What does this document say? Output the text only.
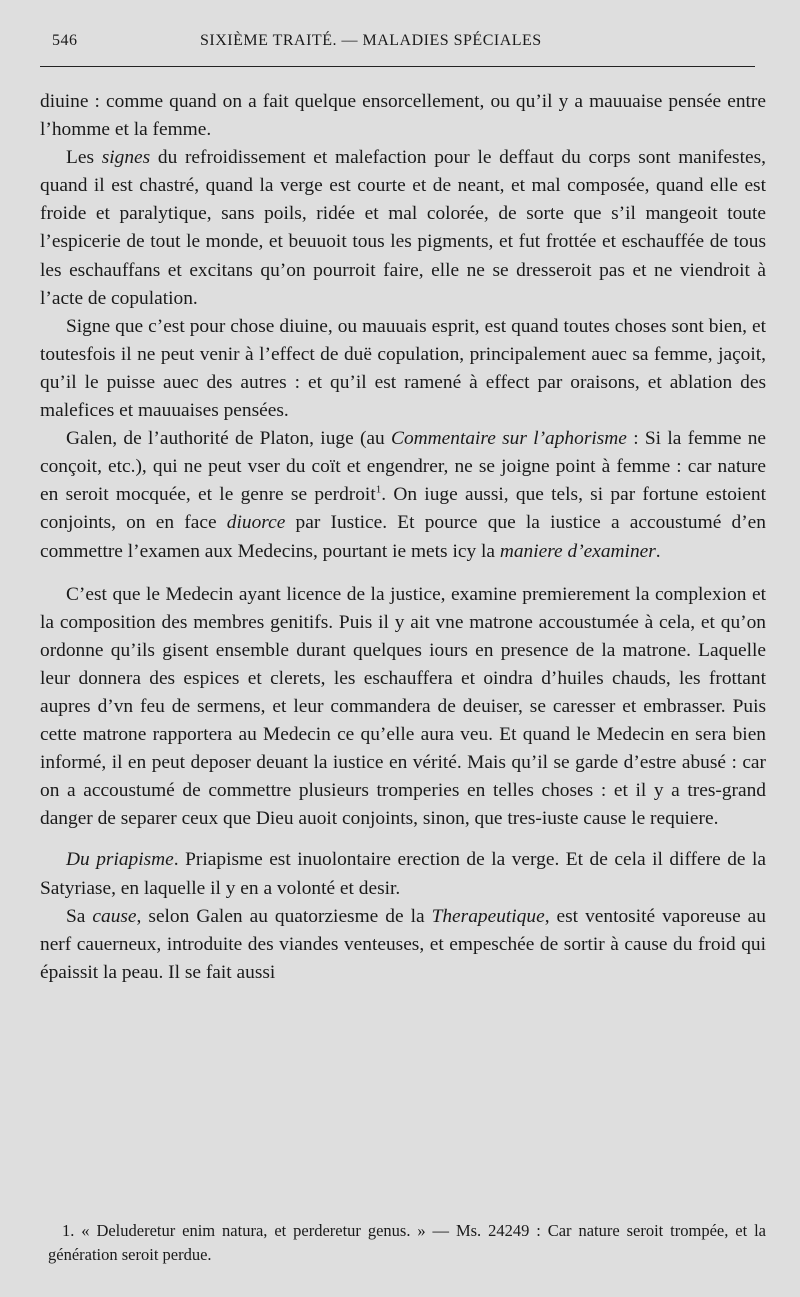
546	SIXIÈME TRAITÉ. — MALADIES SPÉCIALES

diuine : comme quand on a fait quelque ensorcellement, ou qu’il y a mauuaise pensée entre l’homme et la femme.

Les signes du refroidissement et malefaction pour le deffaut du corps sont manifestes, quand il est chastré, quand la verge est courte et de neant, et mal composée, quand elle est froide et paralytique, sans poils, ridée et mal colorée, de sorte que s’il mangeoit toute l’espicerie de tout le monde, et beuuoit tous les pigments, et fut frottée et eschauffée de tous les eschauffans et excitans qu’on pourroit faire, elle ne se dresseroit pas et ne viendroit à l’acte de copulation.

Signe que c’est pour chose diuine, ou mauuais esprit, est quand toutes choses sont bien, et toutesfois il ne peut venir à l’effect de duë copulation, principalement auec sa femme, jaçoit, qu’il le puisse auec des autres : et qu’il est ramené à effect par oraisons, et ablation des malefices et mauuaises pensées.

Galen, de l’authorité de Platon, iuge (au Commentaire sur l’aphorisme : Si la femme ne conçoit, etc.), qui ne peut vser du coït et engendrer, ne se joigne point à femme : car nature en seroit mocquée, et le genre se perdroit$^1$. On iuge aussi, que tels, si par fortune estoient conjoints, on en face diuorce par Iustice. Et pource que la iustice a accoustumé d’en commettre l’examen aux Medecins, pourtant ie mets icy la maniere d’examiner.

C’est que le Medecin ayant licence de la justice, examine premierement la complexion et la composition des membres genitifs. Puis il y ait vne matrone accoustumée à cela, et qu’on ordonne qu’ils gisent ensemble durant quelques iours en presence de la matrone. Laquelle leur donnera des espices et clerets, les eschauffera et oindra d’huiles chauds, les frottant aupres d’vn feu de sermens, et leur commandera de deuiser, se caresser et embrasser. Puis cette matrone rapportera au Medecin ce qu’elle aura veu. Et quand le Medecin en sera bien informé, il en peut deposer deuant la iustice en vérité. Mais qu’il se garde d’estre abusé : car on a accoustumé de commettre plusieurs tromperies en telles choses : et il y a tres-grand danger de separer ceux que Dieu auoit conjoints, sinon, que tres-iuste cause le requiere.

Du priapisme. Priapisme est inuolontaire erection de la verge. Et de cela il differe de la Satyriase, en laquelle il y en a volonté et desir.

Sa cause, selon Galen au quatorziesme de la Therapeutique, est ventosité vaporeuse au nerf cauerneux, introduite des viandes venteuses, et empeschée de sortir à cause du froid qui épaissit la peau. Il se fait aussi

1. « Deluderetur enim natura, et perderetur genus. » — Ms. 24249 : Car nature seroit trompée, et la génération seroit perdue.
